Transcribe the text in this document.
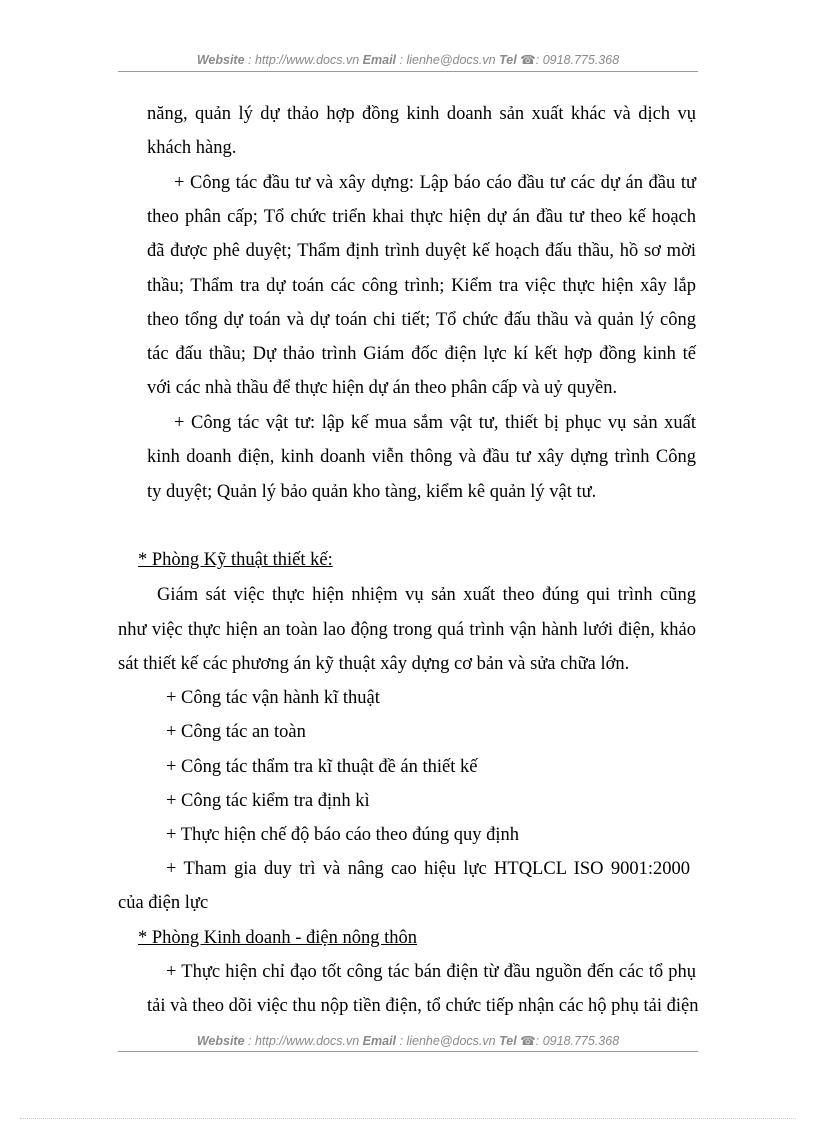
Website : http://www.docs.vn Email : lienhe@docs.vn Tel ☎: 0918.775.368
năng, quản lý dự thảo hợp đồng kinh doanh sản xuất khác và dịch vụ
khách hàng.
+ Công tác đầu tư và xây dựng: Lập báo cáo đầu tư các dự án đầu tư
theo phân cấp; Tổ chức triển khai thực hiện dự án đầu tư theo kế hoạch
đã được phê duyệt; Thẩm định trình duyệt kế hoạch đấu thầu, hồ sơ mời
thầu; Thẩm tra dự toán các công trình; Kiểm tra việc thực hiện xây lắp
theo tổng dự toán và dự toán chi tiết; Tổ chức đấu thầu và quản lý công
tác đấu thầu; Dự thảo trình Giám đốc điện lực kí kết hợp đồng kinh tế
với các nhà thầu để thực hiện dự án theo phân cấp và uỷ quyền.
+ Công tác vật tư: lập kế mua sắm vật tư, thiết bị phục vụ sản xuất
kinh doanh điện, kinh doanh viễn thông và đầu tư xây dựng trình Công
ty duyệt; Quản lý bảo quản kho tàng, kiểm kê quản lý vật tư.
* Phòng Kỹ thuật thiết kế:
Giám sát việc thực hiện nhiệm vụ sản xuất theo đúng qui trình cũng
như việc thực hiện an toàn lao động trong quá trình vận hành lưới điện, khảo
sát thiết kế các phương án kỹ thuật xây dựng cơ bản và sửa chữa lớn.
+ Công tác vận hành kĩ thuật
+ Công tác an toàn
+ Công tác thẩm tra kĩ thuật đề án thiết kế
+ Công tác kiểm tra định kì
+ Thực hiện chế độ báo cáo theo đúng quy định
+ Tham gia duy trì và nâng cao hiệu lực HTQLCL ISO 9001:2000
của điện lực
* Phòng Kinh doanh - điện nông thôn
+ Thực hiện chỉ đạo tốt công tác bán điện từ đầu nguồn đến các tổ phụ
tải và theo dõi việc thu nộp tiền điện, tổ chức tiếp nhận các hộ phụ tải điện
Website : http://www.docs.vn Email : lienhe@docs.vn Tel ☎: 0918.775.368
